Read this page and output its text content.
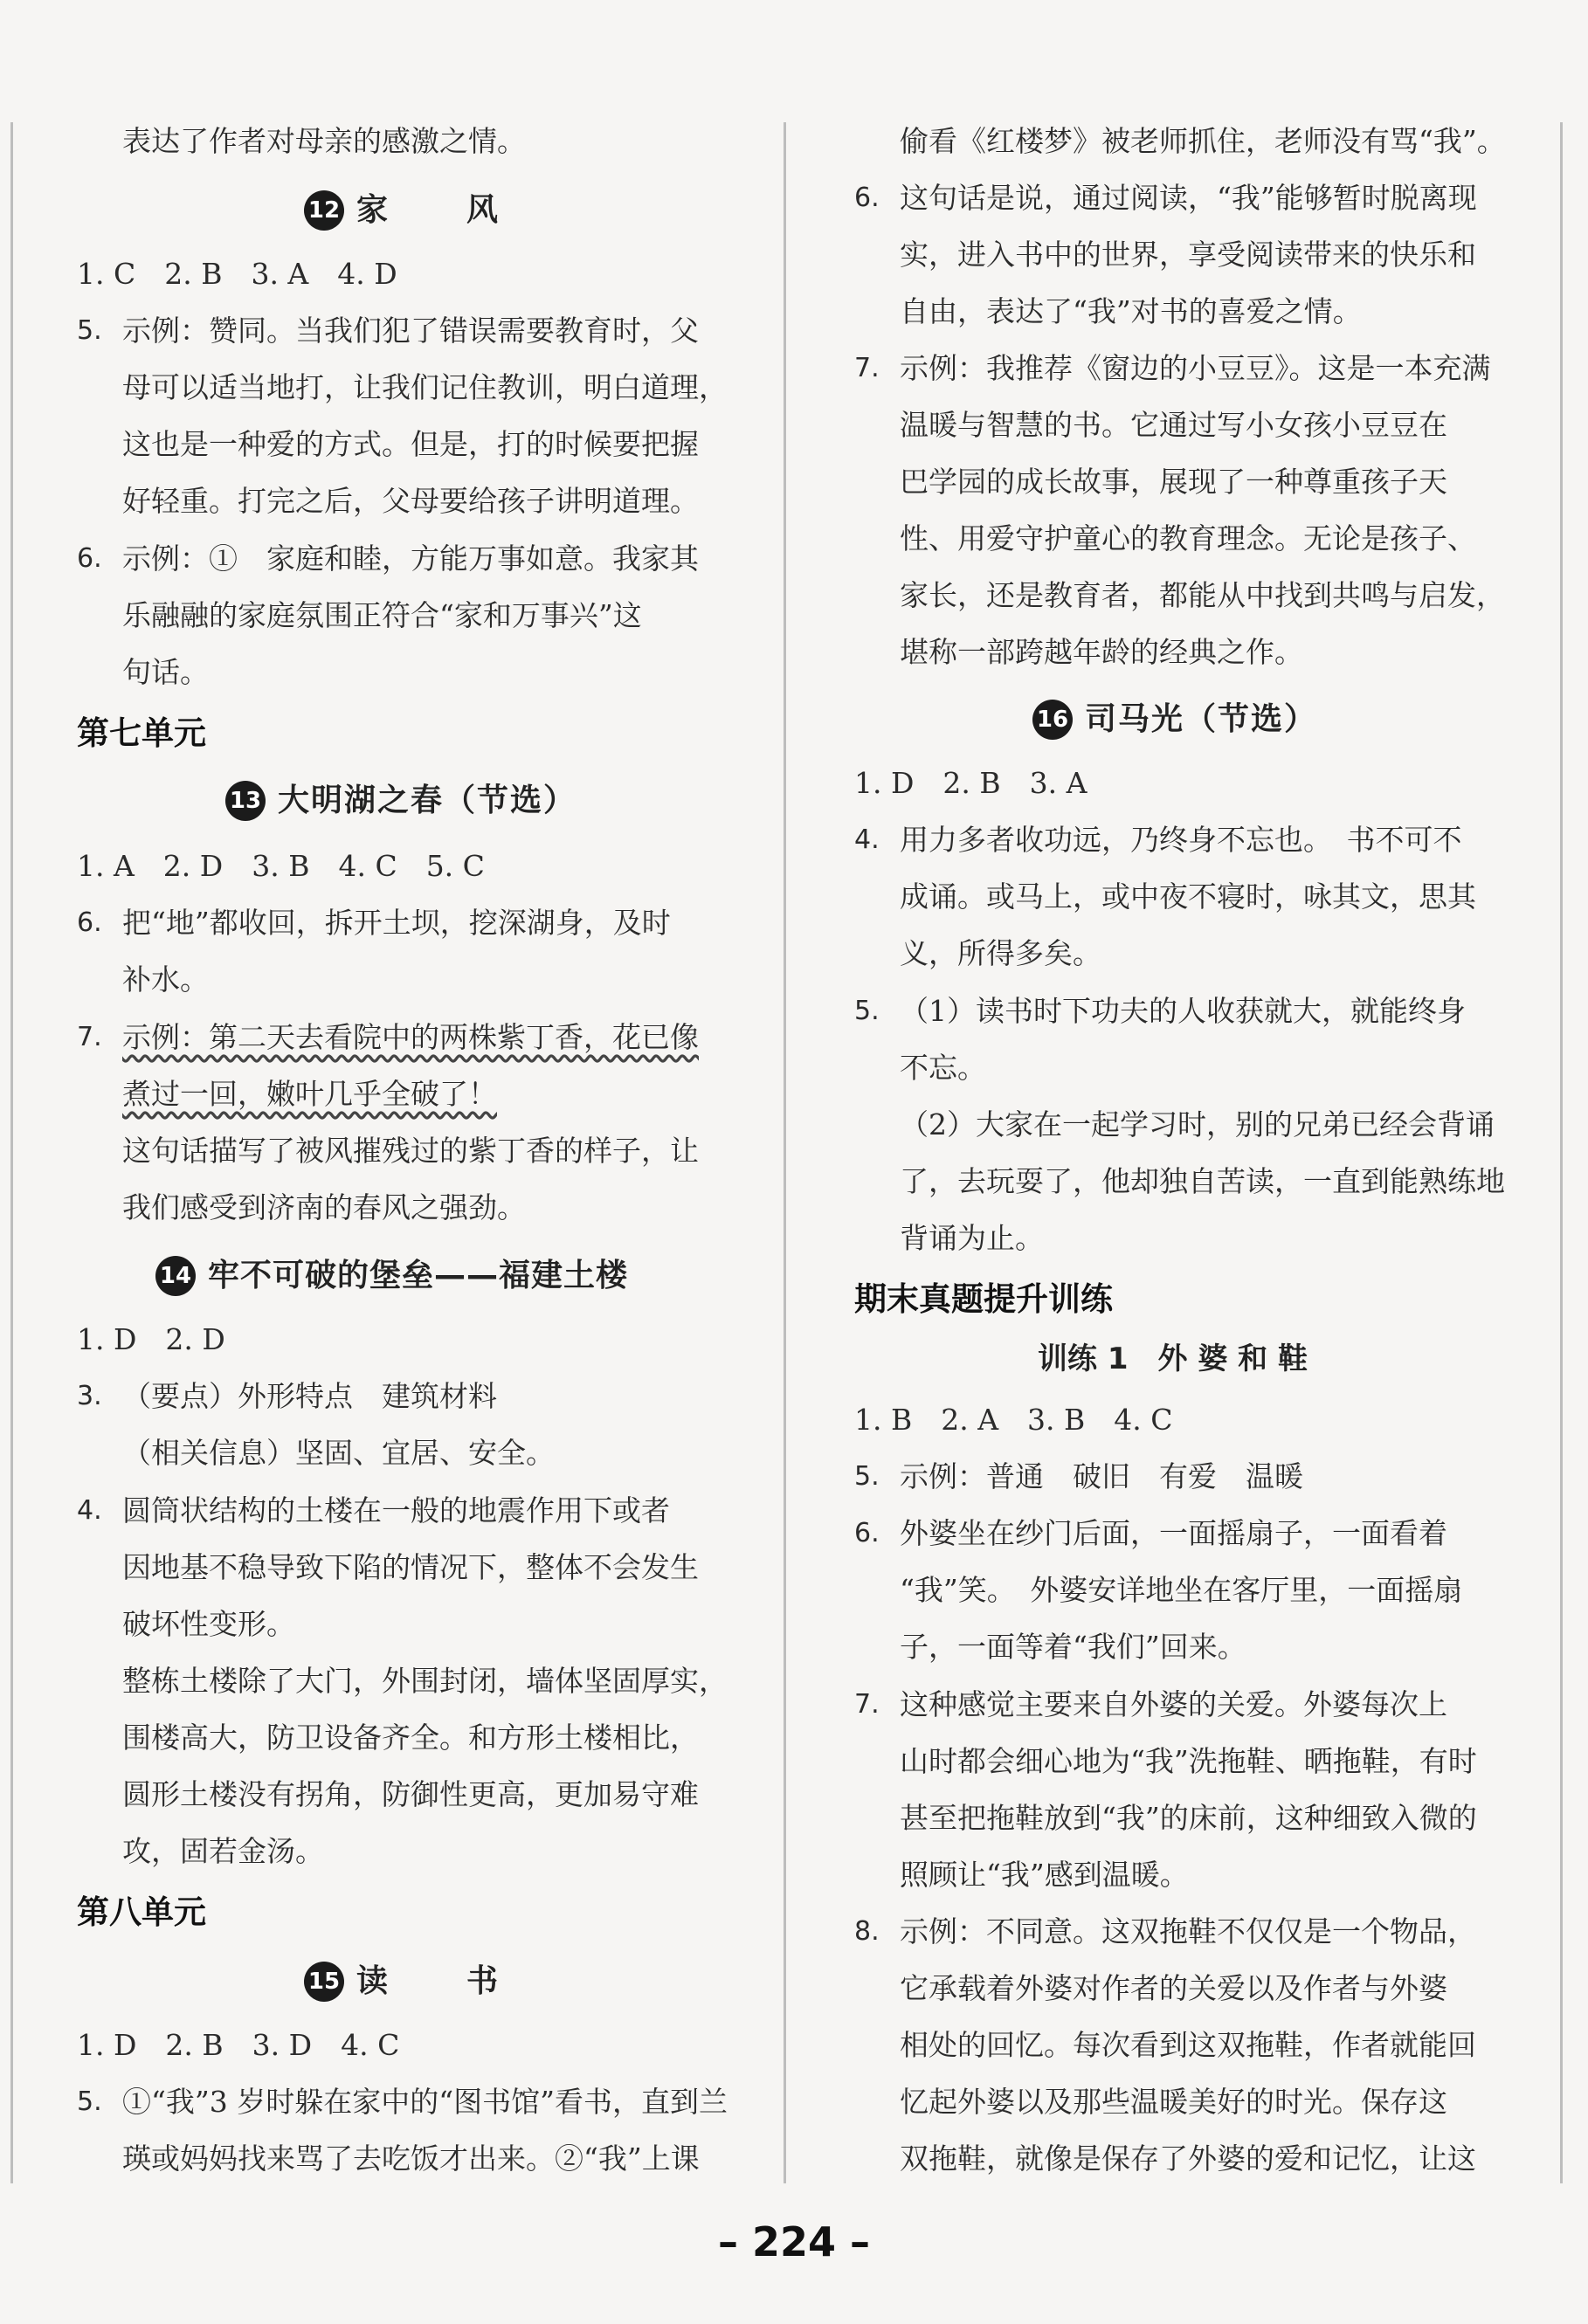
表达了作者对母亲的感激之情。
12 家　　风
1. C　2. B　3. A　4. D
5. 示例：赞同。当我们犯了错误需要教育时，父
母可以适当地打，让我们记住教训，明白道理，
这也是一种爱的方式。但是，打的时候要把握
好轻重。打完之后，父母要给孩子讲明道理。
6. 示例：①　家庭和睦，方能万事如意。我家其
乐融融的家庭氛围正符合“家和万事兴”这
句话。
第七单元
13 大明湖之春（节选）
1. A　2. D　3. B　4. C　5. C
6. 把“地”都收回，拆开土坝，挖深湖身，及时
补水。
7. 示例：第二天去看院中的两株紫丁香，花已像
煮过一回，嫩叶几乎全破了！
这句话描写了被风摧残过的紫丁香的样子，让
我们感受到济南的春风之强劲。
14 牢不可破的堡垒——福建土楼
1. D　2. D
3. （要点）外形特点　建筑材料
（相关信息）坚固、宜居、安全。
4. 圆筒状结构的土楼在一般的地震作用下或者
因地基不稳导致下陷的情况下，整体不会发生
破坏性变形。
整栋土楼除了大门，外围封闭，墙体坚固厚实，
围楼高大，防卫设备齐全。和方形土楼相比，
圆形土楼没有拐角，防御性更高，更加易守难
攻，固若金汤。
第八单元
15 读　　书
1. D　2. B　3. D　4. C
5. ①“我”3 岁时躲在家中的“图书馆”看书，直到兰
瑛或妈妈找来骂了去吃饭才出来。②“我”上课
偷看《红楼梦》被老师抓住，老师没有骂“我”。
6. 这句话是说，通过阅读，“我”能够暂时脱离现
实，进入书中的世界，享受阅读带来的快乐和
自由，表达了“我”对书的喜爱之情。
7. 示例：我推荐《窗边的小豆豆》。这是一本充满
温暖与智慧的书。它通过写小女孩小豆豆在
巴学园的成长故事，展现了一种尊重孩子天
性、用爱守护童心的教育理念。无论是孩子、
家长，还是教育者，都能从中找到共鸣与启发，
堪称一部跨越年龄的经典之作。
16 司马光（节选）
1. D　2. B　3. A
4. 用力多者收功远，乃终身不忘也。　书不可不
成诵。或马上，或中夜不寝时，咏其文，思其
义，所得多矣。
5. （1）读书时下功夫的人收获就大，就能终身
不忘。
（2）大家在一起学习时，别的兄弟已经会背诵
了，去玩耍了，他却独自苦读，一直到能熟练地
背诵为止。
期末真题提升训练
训练 1　外 婆 和 鞋
1. B　2. A　3. B　4. C
5. 示例：普通　破旧　有爱　温暖
6. 外婆坐在纱门后面，一面摇扇子，一面看着
“我”笑。　外婆安详地坐在客厅里，一面摇扇
子，一面等着“我们”回来。
7. 这种感觉主要来自外婆的关爱。外婆每次上
山时都会细心地为“我”洗拖鞋、晒拖鞋，有时
甚至把拖鞋放到“我”的床前，这种细致入微的
照顾让“我”感到温暖。
8. 示例：不同意。这双拖鞋不仅仅是一个物品，
它承载着外婆对作者的关爱以及作者与外婆
相处的回忆。每次看到这双拖鞋，作者就能回
忆起外婆以及那些温暖美好的时光。保存这
双拖鞋，就像是保存了外婆的爱和记忆，让这
– 224 –
